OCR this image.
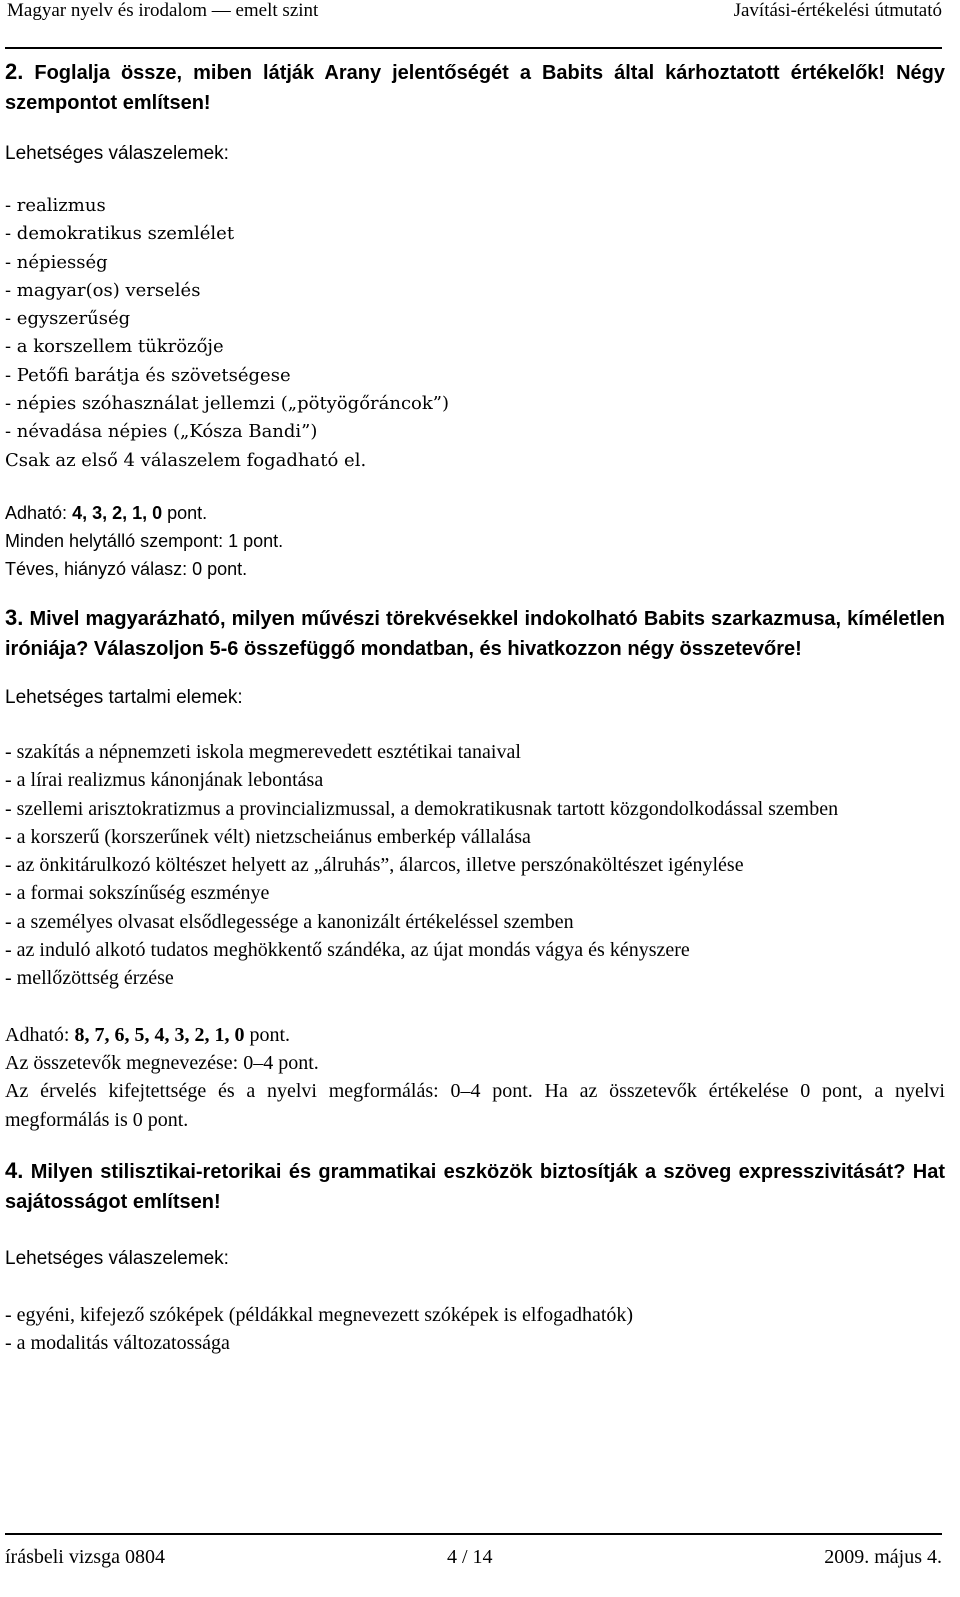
Magyar nyelv és irodalom — emelt szint	Javítási-értékelési útmutató

2. Foglalja össze, miben látják Arany jelentőségét a Babits által kárhoztatott értékelők! Négy szempontot említsen!

Lehetséges válaszelemek:

- realizmus
- demokratikus szemlélet
- népiesség
- magyar(os) verselés
- egyszerűség
- a korszellem tükrözője
- Petőfi barátja és szövetségese
- népies szóhasználat jellemzi („pötyögőráncok”)
- névadása népies („Kósza Bandi”)
Csak az első 4 válaszelem fogadható el.

Adható: 4, 3, 2, 1, 0 pont.

Minden helytálló szempont: 1 pont.

Téves, hiányzó válasz: 0 pont.

3. Mivel magyarázható, milyen művészi törekvésekkel indokolható Babits szarkazmusa, kíméletlen iróniája? Válaszoljon 5-6 összefüggő mondatban, és hivatkozzon négy összetevőre!

Lehetséges tartalmi elemek:

- szakítás a népnemzeti iskola megmerevedett esztétikai tanaival
- a lírai realizmus kánonjának lebontása
- szellemi arisztokratizmus a provincializmussal, a demokratikusnak tartott közgondolkodással szemben
- a korszerű (korszerűnek vélt) nietzscheiánus emberkép vállalása
- az önkitárulkozó költészet helyett az „álruhás”, álarcos, illetve perszónaköltészet igénylése
- a formai sokszínűség eszménye
- a személyes olvasat elsődlegessége a kanonizált értékeléssel szemben
- az induló alkotó tudatos meghökkentő szándéka, az újat mondás vágya és kényszere
- mellőzöttség érzése

Adható: 8, 7, 6, 5, 4, 3, 2, 1, 0 pont.

Az összetevők megnevezése: 0–4 pont.

Az érvelés kifejtettsége és a nyelvi megformálás: 0–4 pont. Ha az összetevők értékelése 0 pont, a nyelvi megformálás is 0 pont.

4. Milyen stilisztikai-retorikai és grammatikai eszközök biztosítják a szöveg expresszivitását? Hat sajátosságot említsen!

Lehetséges válaszelemek:

- egyéni, kifejező szóképek (példákkal megnevezett szóképek is elfogadhatók)
- a modalitás változatossága
írásbeli vizsga 0804	4 / 14	2009. május 4.
